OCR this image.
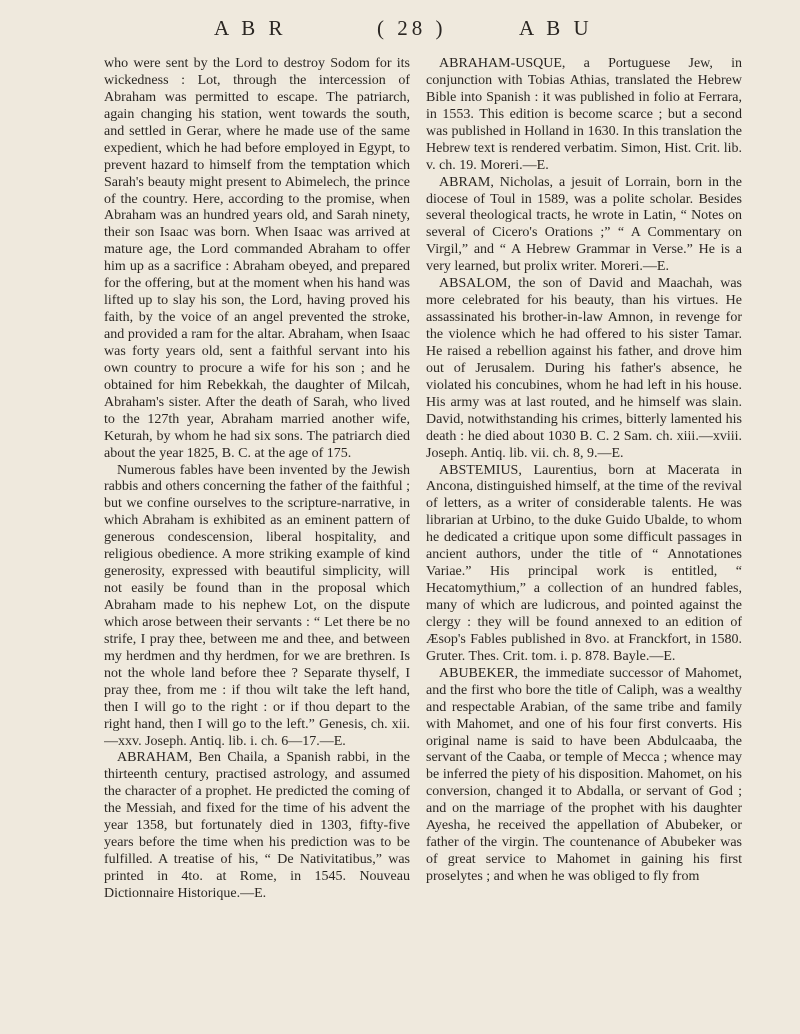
A B R	( 28 )	A B U

who were sent by the Lord to destroy Sodom for its wickedness : Lot, through the intercession of Abraham was permitted to escape. The patriarch, again changing his station, went towards the south, and settled in Gerar, where he made use of the same expedient, which he had before employed in Egypt, to prevent hazard to himself from the temptation which Sarah's beauty might present to Abimelech, the prince of the country. Here, according to the promise, when Abraham was an hundred years old, and Sarah ninety, their son Isaac was born. When Isaac was arrived at mature age, the Lord commanded Abraham to offer him up as a sacrifice : Abraham obeyed, and prepared for the offering, but at the moment when his hand was lifted up to slay his son, the Lord, having proved his faith, by the voice of an angel prevented the stroke, and provided a ram for the altar. Abraham, when Isaac was forty years old, sent a faithful servant into his own country to procure a wife for his son ; and he obtained for him Rebekkah, the daughter of Milcah, Abraham's sister. After the death of Sarah, who lived to the 127th year, Abraham married another wife, Keturah, by whom he had six sons. The patriarch died about the year 1825, B. C. at the age of 175.

Numerous fables have been invented by the Jewish rabbis and others concerning the father of the faithful ; but we confine ourselves to the scripture-narrative, in which Abraham is exhibited as an eminent pattern of generous condescension, liberal hospitality, and religious obedience. A more striking example of kind generosity, expressed with beautiful simplicity, will not easily be found than in the proposal which Abraham made to his nephew Lot, on the dispute which arose between their servants : “ Let there be no strife, I pray thee, between me and thee, and between my herdmen and thy herdmen, for we are brethren. Is not the whole land before thee ? Separate thyself, I pray thee, from me : if thou wilt take the left hand, then I will go to the right : or if thou depart to the right hand, then I will go to the left.” Genesis, ch. xii.—xxv. Joseph. Antiq. lib. i. ch. 6—17.—E.

ABRAHAM, Ben Chaila, a Spanish rabbi, in the thirteenth century, practised astrology, and assumed the character of a prophet. He predicted the coming of the Messiah, and fixed for the time of his advent the year 1358, but fortunately died in 1303, fifty-five years before the time when his prediction was to be fulfilled. A treatise of his, “ De Nativitatibus,” was printed in 4to. at Rome, in 1545. Nouveau Dictionnaire Historique.—E.

ABRAHAM-USQUE, a Portuguese Jew, in conjunction with Tobias Athias, translated the Hebrew Bible into Spanish : it was published in folio at Ferrara, in 1553. This edition is become scarce ; but a second was published in Holland in 1630. In this translation the Hebrew text is rendered verbatim. Simon, Hist. Crit. lib. v. ch. 19. Moreri.—E.

ABRAM, Nicholas, a jesuit of Lorrain, born in the diocese of Toul in 1589, was a polite scholar. Besides several theological tracts, he wrote in Latin, “ Notes on several of Cicero's Orations ;” “ A Commentary on Virgil,” and “ A Hebrew Grammar in Verse.” He is a very learned, but prolix writer. Moreri.—E.

ABSALOM, the son of David and Maachah, was more celebrated for his beauty, than his virtues. He assassinated his brother-in-law Amnon, in revenge for the violence which he had offered to his sister Tamar. He raised a rebellion against his father, and drove him out of Jerusalem. During his father's absence, he violated his concubines, whom he had left in his house. His army was at last routed, and he himself was slain. David, notwithstanding his crimes, bitterly lamented his death : he died about 1030 B. C. 2 Sam. ch. xiii.—xviii. Joseph. Antiq. lib. vii. ch. 8, 9.—E.

ABSTEMIUS, Laurentius, born at Macerata in Ancona, distinguished himself, at the time of the revival of letters, as a writer of considerable talents. He was librarian at Urbino, to the duke Guido Ubalde, to whom he dedicated a critique upon some difficult passages in ancient authors, under the title of “ Annotationes Variae.” His principal work is entitled, “ Hecatomythium,” a collection of an hundred fables, many of which are ludicrous, and pointed against the clergy : they will be found annexed to an edition of Æsop's Fables published in 8vo. at Franckfort, in 1580. Gruter. Thes. Crit. tom. i. p. 878. Bayle.—E.

ABUBEKER, the immediate successor of Mahomet, and the first who bore the title of Caliph, was a wealthy and respectable Arabian, of the same tribe and family with Mahomet, and one of his four first converts. His original name is said to have been Abdulcaaba, the servant of the Caaba, or temple of Mecca ; whence may be inferred the piety of his disposition. Mahomet, on his conversion, changed it to Abdalla, or servant of God ; and on the marriage of the prophet with his daughter Ayesha, he received the appellation of Abubeker, or father of the virgin. The countenance of Abubeker was of great service to Mahomet in gaining his first proselytes ; and when he was obliged to fly from
